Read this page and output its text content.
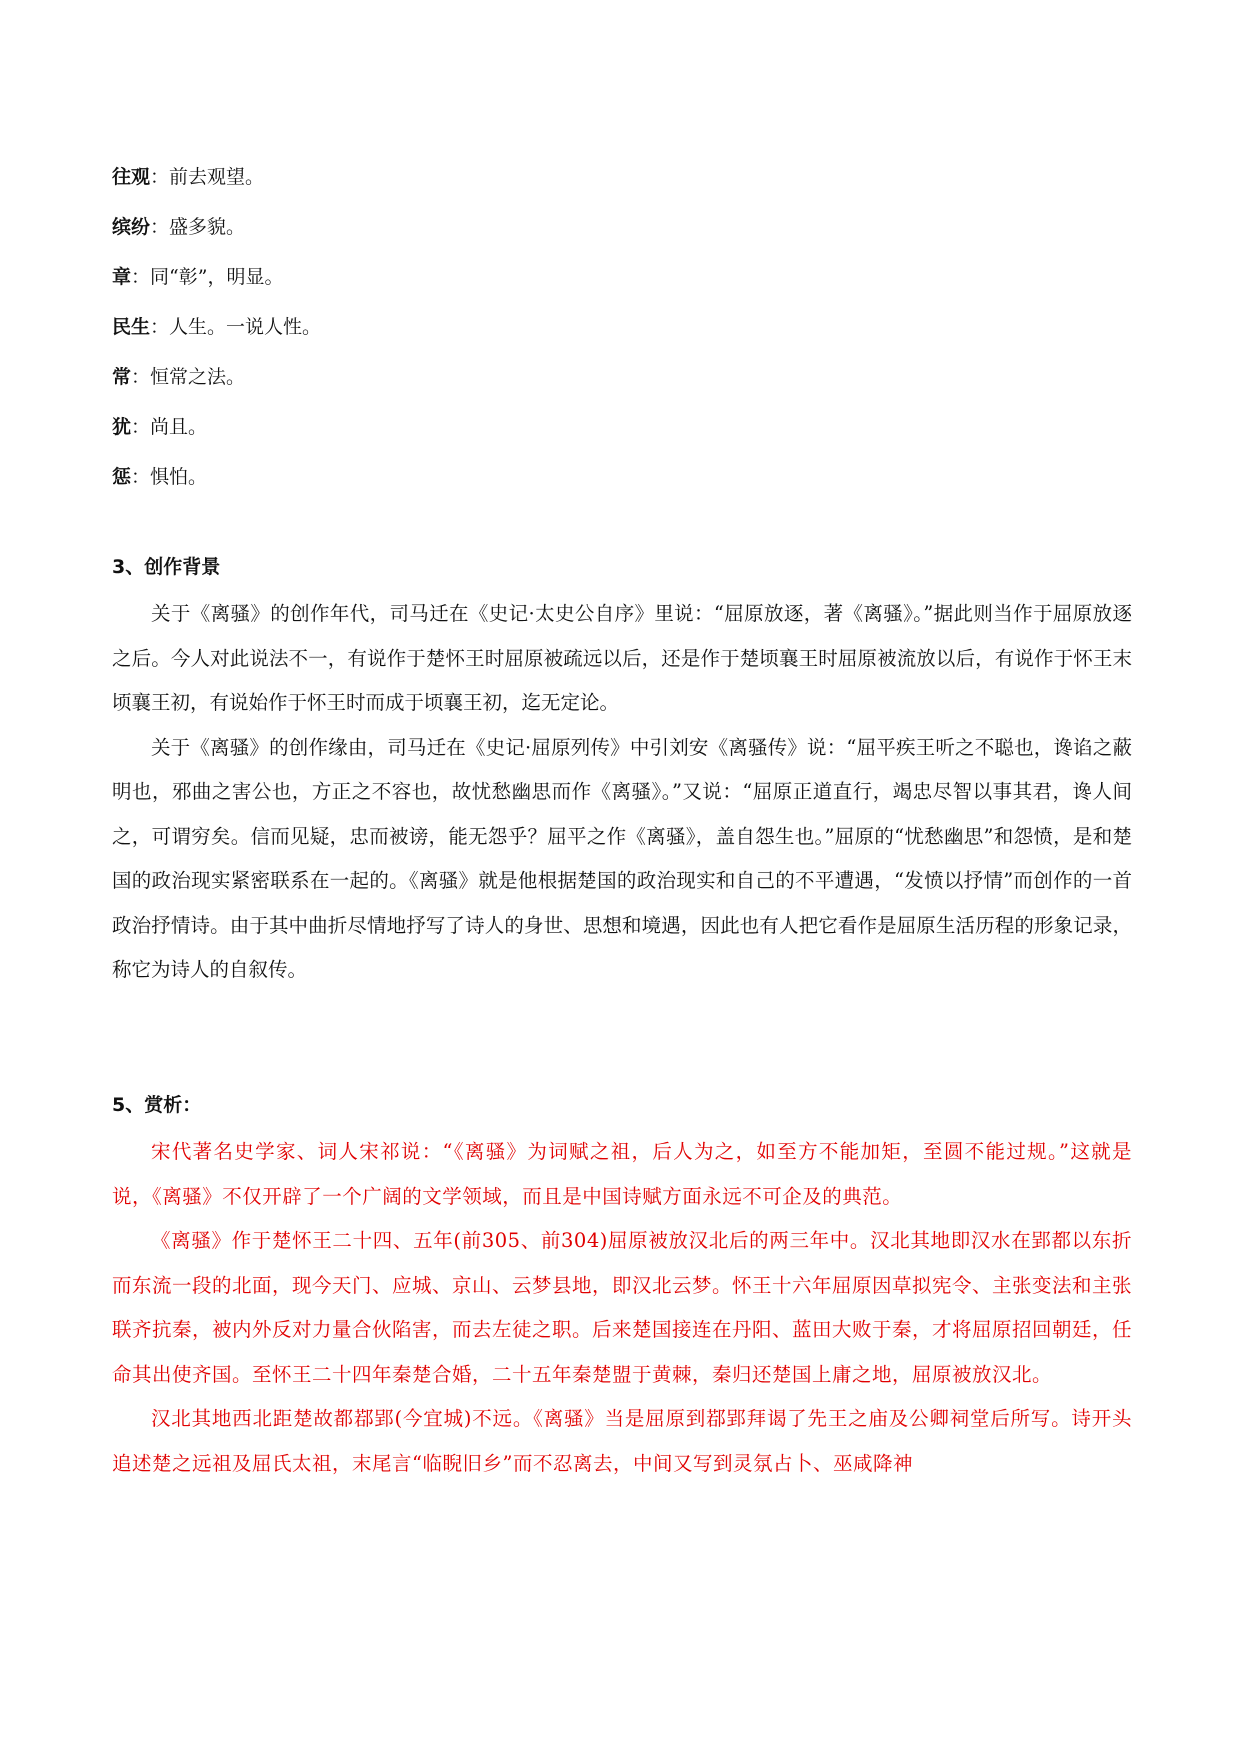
往观：前去观望。
缤纷：盛多貌。
章：同“彰”，明显。
民生：人生。一说人性。
常：恒常之法。
犹：尚且。
惩：惧怕。
3、创作背景

关于《离骚》的创作年代，司马迁在《史记·太史公自序》里说：“屈原放逐，著《离骚》。”据此则当作于屈原放逐之后。今人对此说法不一，有说作于楚怀王时屈原被疏远以后，还是作于楚顷襄王时屈原被流放以后，有说作于怀王末顷襄王初，有说始作于怀王时而成于顷襄王初，迄无定论。

关于《离骚》的创作缘由，司马迁在《史记·屈原列传》中引刘安《离骚传》说：“屈平疾王听之不聪也，谗谄之蔽明也，邪曲之害公也，方正之不容也，故忧愁幽思而作《离骚》。”又说：“屈原正道直行，竭忠尽智以事其君，谗人间之，可谓穷矣。信而见疑，忠而被谤，能无怨乎？屈平之作《离骚》，盖自怨生也。”屈原的“忧愁幽思”和怨愤，是和楚国的政治现实紧密联系在一起的。《离骚》就是他根据楚国的政治现实和自己的不平遭遇，“发愤以抒情”而创作的一首政治抒情诗。由于其中曲折尽情地抒写了诗人的身世、思想和境遇，因此也有人把它看作是屈原生活历程的形象记录，称它为诗人的自叙传。

5、赏析：

宋代著名史学家、词人宋祁说：“《离骚》为词赋之祖，后人为之，如至方不能加矩，至圆不能过规。”这就是说，《离骚》不仅开辟了一个广阔的文学领域，而且是中国诗赋方面永远不可企及的典范。

《离骚》作于楚怀王二十四、五年(前305、前304)屈原被放汉北后的两三年中。汉北其地即汉水在郢都以东折而东流一段的北面，现今天门、应城、京山、云梦县地，即汉北云梦。怀王十六年屈原因草拟宪令、主张变法和主张联齐抗秦，被内外反对力量合伙陷害，而去左徒之职。后来楚国接连在丹阳、蓝田大败于秦，才将屈原招回朝廷，任命其出使齐国。至怀王二十四年秦楚合婚，二十五年秦楚盟于黄棘，秦归还楚国上庸之地，屈原被放汉北。

汉北其地西北距楚故都鄀郢(今宜城)不远。《离骚》当是屈原到鄀郢拜谒了先王之庙及公卿祠堂后所写。诗开头追述楚之远祖及屈氏太祖，末尾言“临睨旧乡”而不忍离去，中间又写到灵氛占卜、巫咸降神
